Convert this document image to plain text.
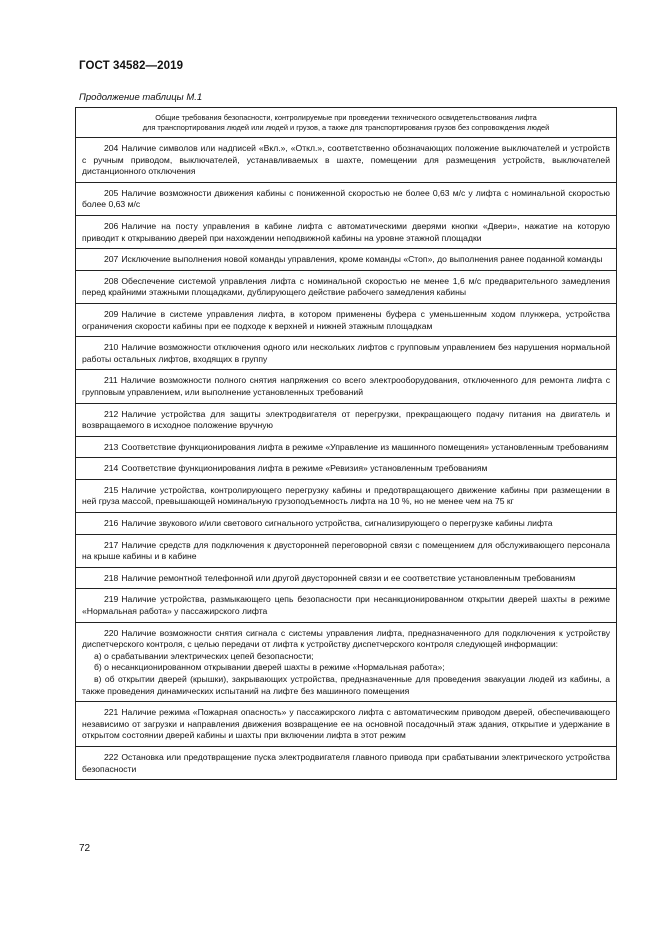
ГОСТ 34582—2019
Продолжение таблицы М.1
Общие требования безопасности, контролируемые при проведении технического освидетельствования лифта
для транспортирования людей или людей и грузов, а также для транспортирования грузов без сопровождения людей
204 Наличие символов или надписей «Вкл.», «Откл.», соответственно обозначающих положение выключателей и устройств с ручным приводом, выключателей, устанавливаемых в шахте, помещении для размещения устройств, выключателей дистанционного отключения
205 Наличие возможности движения кабины с пониженной скоростью не более 0,63 м/с у лифта с номинальной скоростью более 0,63 м/с
206 Наличие на посту управления в кабине лифта с автоматическими дверями кнопки «Двери», нажатие на которую приводит к открыванию дверей при нахождении неподвижной кабины на уровне этажной площадки
207 Исключение выполнения новой команды управления, кроме команды «Стоп», до выполнения ранее поданной команды
208 Обеспечение системой управления лифта с номинальной скоростью не менее 1,6 м/с предварительного замедления перед крайними этажными площадками, дублирующего действие рабочего замедления кабины
209 Наличие в системе управления лифта, в котором применены буфера с уменьшенным ходом плунжера, устройства ограничения скорости кабины при ее подходе к верхней и нижней этажным площадкам
210 Наличие возможности отключения одного или нескольких лифтов с групповым управлением без нарушения нормальной работы остальных лифтов, входящих в группу
211 Наличие возможности полного снятия напряжения со всего электрооборудования, отключенного для ремонта лифта с групповым управлением, или выполнение установленных требований
212 Наличие устройства для защиты электродвигателя от перегрузки, прекращающего подачу питания на двигатель и возвращаемого в исходное положение вручную
213 Соответствие функционирования лифта в режиме «Управление из машинного помещения» установленным требованиям
214 Соответствие функционирования лифта в режиме «Ревизия» установленным требованиям
215 Наличие устройства, контролирующего перегрузку кабины и предотвращающего движение кабины при размещении в ней груза массой, превышающей номинальную грузоподъемность лифта на 10 %, но не менее чем на 75 кг
216 Наличие звукового и/или светового сигнального устройства, сигнализирующего о перегрузке кабины лифта
217 Наличие средств для подключения к двусторонней переговорной связи с помещением для обслуживающего персонала на крыше кабины и в кабине
218 Наличие ремонтной телефонной или другой двусторонней связи и ее соответствие установленным требованиям
219 Наличие устройства, размыкающего цепь безопасности при несанкционированном открытии дверей шахты в режиме «Нормальная работа» у пассажирского лифта
220 Наличие возможности снятия сигнала с системы управления лифта, предназначенного для подключения к устройству диспетчерского контроля, с целью передачи от лифта к устройству диспетчерского контроля следующей информации:
а) о срабатывании электрических цепей безопасности;
б) о несанкционированном открывании дверей шахты в режиме «Нормальная работа»;
в) об открытии дверей (крышки), закрывающих устройства, предназначенные для проведения эвакуации людей из кабины, а также проведения динамических испытаний на лифте без машинного помещения
221 Наличие режима «Пожарная опасность» у пассажирского лифта с автоматическим приводом дверей, обеспечивающего независимо от загрузки и направления движения возвращение ее на основной посадочный этаж здания, открытие и удержание в открытом состоянии дверей кабины и шахты при включении лифта в этот режим
222 Остановка или предотвращение пуска электродвигателя главного привода при срабатывании электрического устройства безопасности
72
